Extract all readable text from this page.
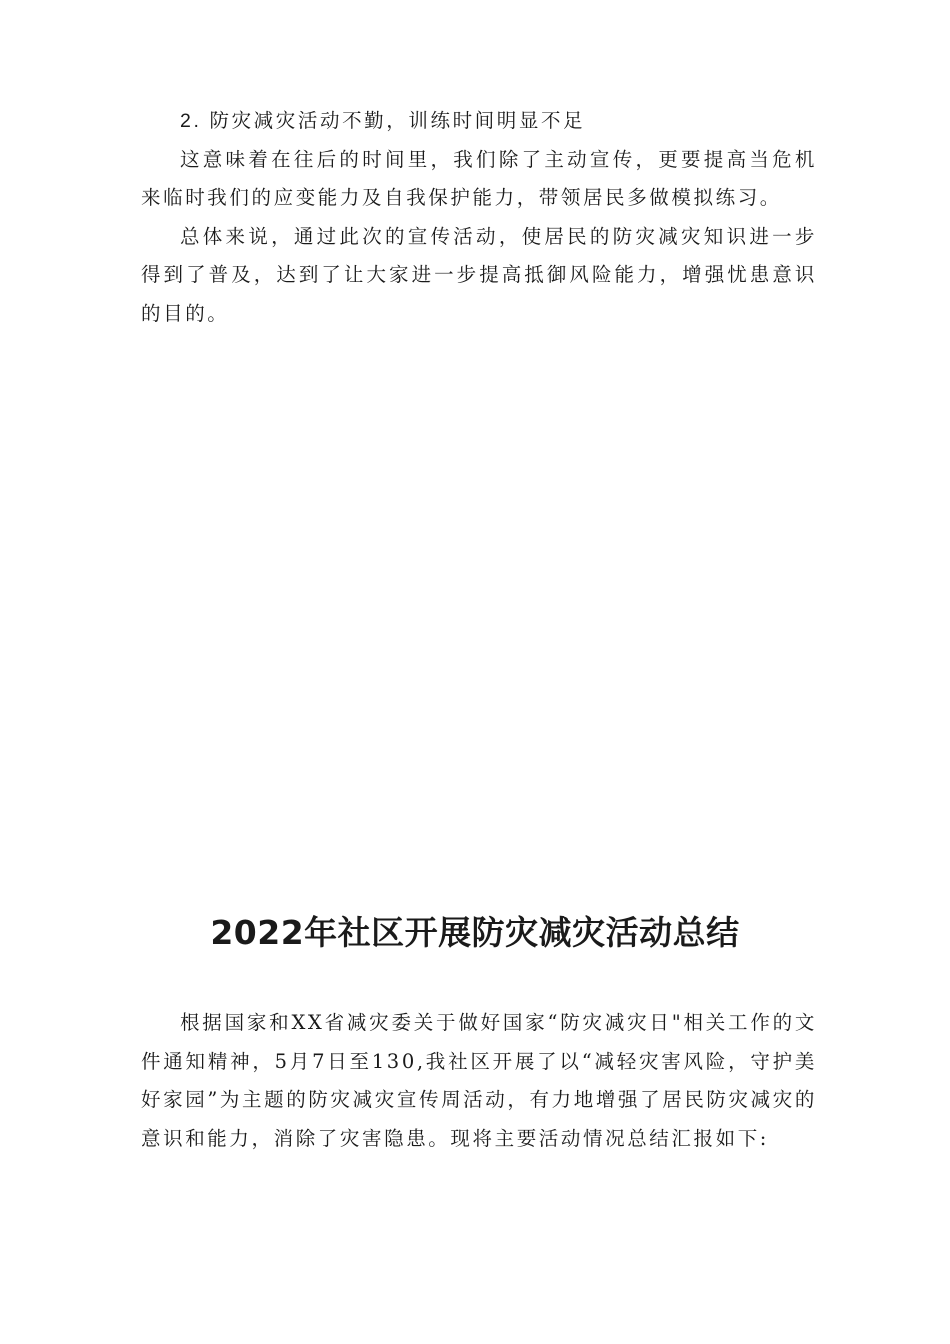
2. 防灾减灾活动不勤，训练时间明显不足

这意味着在往后的时间里，我们除了主动宣传，更要提高当危机来临时我们的应变能力及自我保护能力，带领居民多做模拟练习。

总体来说，通过此次的宣传活动，使居民的防灾减灾知识进一步得到了普及，达到了让大家进一步提高抵御风险能力，增强忧患意识的目的。

2022年社区开展防灾减灾活动总结

根据国家和XX省减灾委关于做好国家“防灾减灾日"相关工作的文件通知精神，5月7日至130,我社区开展了以“减轻灾害风险，守护美好家园”为主题的防灾减灾宣传周活动，有力地增强了居民防灾减灾的意识和能力，消除了灾害隐患。现将主要活动情况总结汇报如下:
